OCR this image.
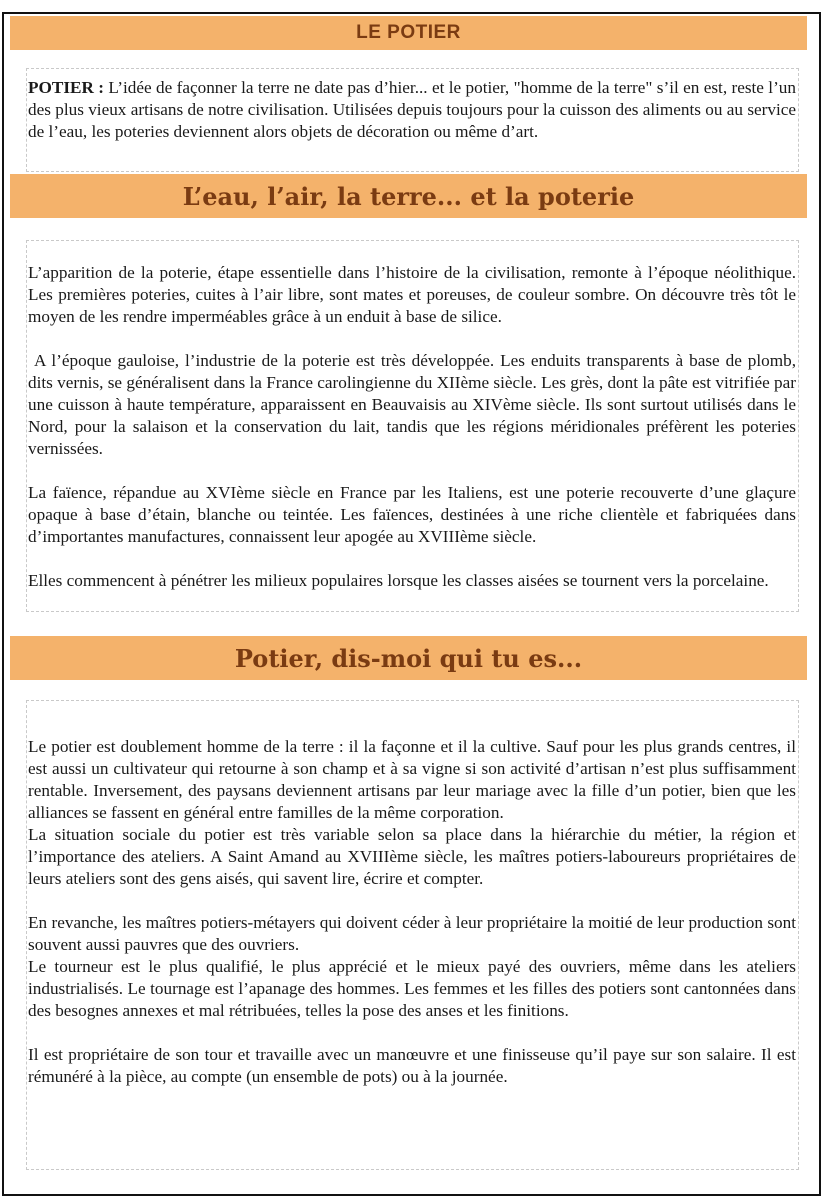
LE POTIER

POTIER : L’idée de façonner la terre ne date pas d’hier... et le potier, "homme de la terre" s’il en est, reste l’un des plus vieux artisans de notre civilisation. Utilisées depuis toujours pour la cuisson des aliments ou au service de l’eau, les poteries deviennent alors objets de décoration ou même d’art.

L’eau, l’air, la terre... et la poterie

L’apparition de la poterie, étape essentielle dans l’histoire de la civilisation, remonte à l’époque néolithique. Les premières poteries, cuites à l’air libre, sont mates et poreuses, de couleur sombre. On découvre très tôt le moyen de les rendre imperméables grâce à un enduit à base de silice.

A l’époque gauloise, l’industrie de la poterie est très développée. Les enduits transparents à base de plomb, dits vernis, se généralisent dans la France carolingienne du XIIème siècle. Les grès, dont la pâte est vitrifiée par une cuisson à haute température, apparaissent en Beauvaisis au XIVème siècle. Ils sont surtout utilisés dans le Nord, pour la salaison et la conservation du lait, tandis que les régions méridionales préfèrent les poteries vernissées.

La faïence, répandue au XVIème siècle en France par les Italiens, est une poterie recouverte d’une glaçure opaque à base d’étain, blanche ou teintée. Les faïences, destinées à une riche clientèle et fabriquées dans d’importantes manufactures, connaissent leur apogée au XVIIIème siècle.

Elles commencent à pénétrer les milieux populaires lorsque les classes aisées se tournent vers la porcelaine.

Potier, dis-moi qui tu es...

Le potier est doublement homme de la terre : il la façonne et il la cultive. Sauf pour les plus grands centres, il est aussi un cultivateur qui retourne à son champ et à sa vigne si son activité d’artisan n’est plus suffisamment rentable. Inversement, des paysans deviennent artisans par leur mariage avec la fille d’un potier, bien que les alliances se fassent en général entre familles de la même corporation.

La situation sociale du potier est très variable selon sa place dans la hiérarchie du métier, la région et l’importance des ateliers. A Saint Amand au XVIIIème siècle, les maîtres potiers-laboureurs propriétaires de leurs ateliers sont des gens aisés, qui savent lire, écrire et compter.

En revanche, les maîtres potiers-métayers qui doivent céder à leur propriétaire la moitié de leur production sont souvent aussi pauvres que des ouvriers.

Le tourneur est le plus qualifié, le plus apprécié et le mieux payé des ouvriers, même dans les ateliers industrialisés. Le tournage est l’apanage des hommes. Les femmes et les filles des potiers sont cantonnées dans des besognes annexes et mal rétribuées, telles la pose des anses et les finitions.

Il est propriétaire de son tour et travaille avec un manœuvre et une finisseuse qu’il paye sur son salaire. Il est rémunéré à la pièce, au compte (un ensemble de pots) ou à la journée.
